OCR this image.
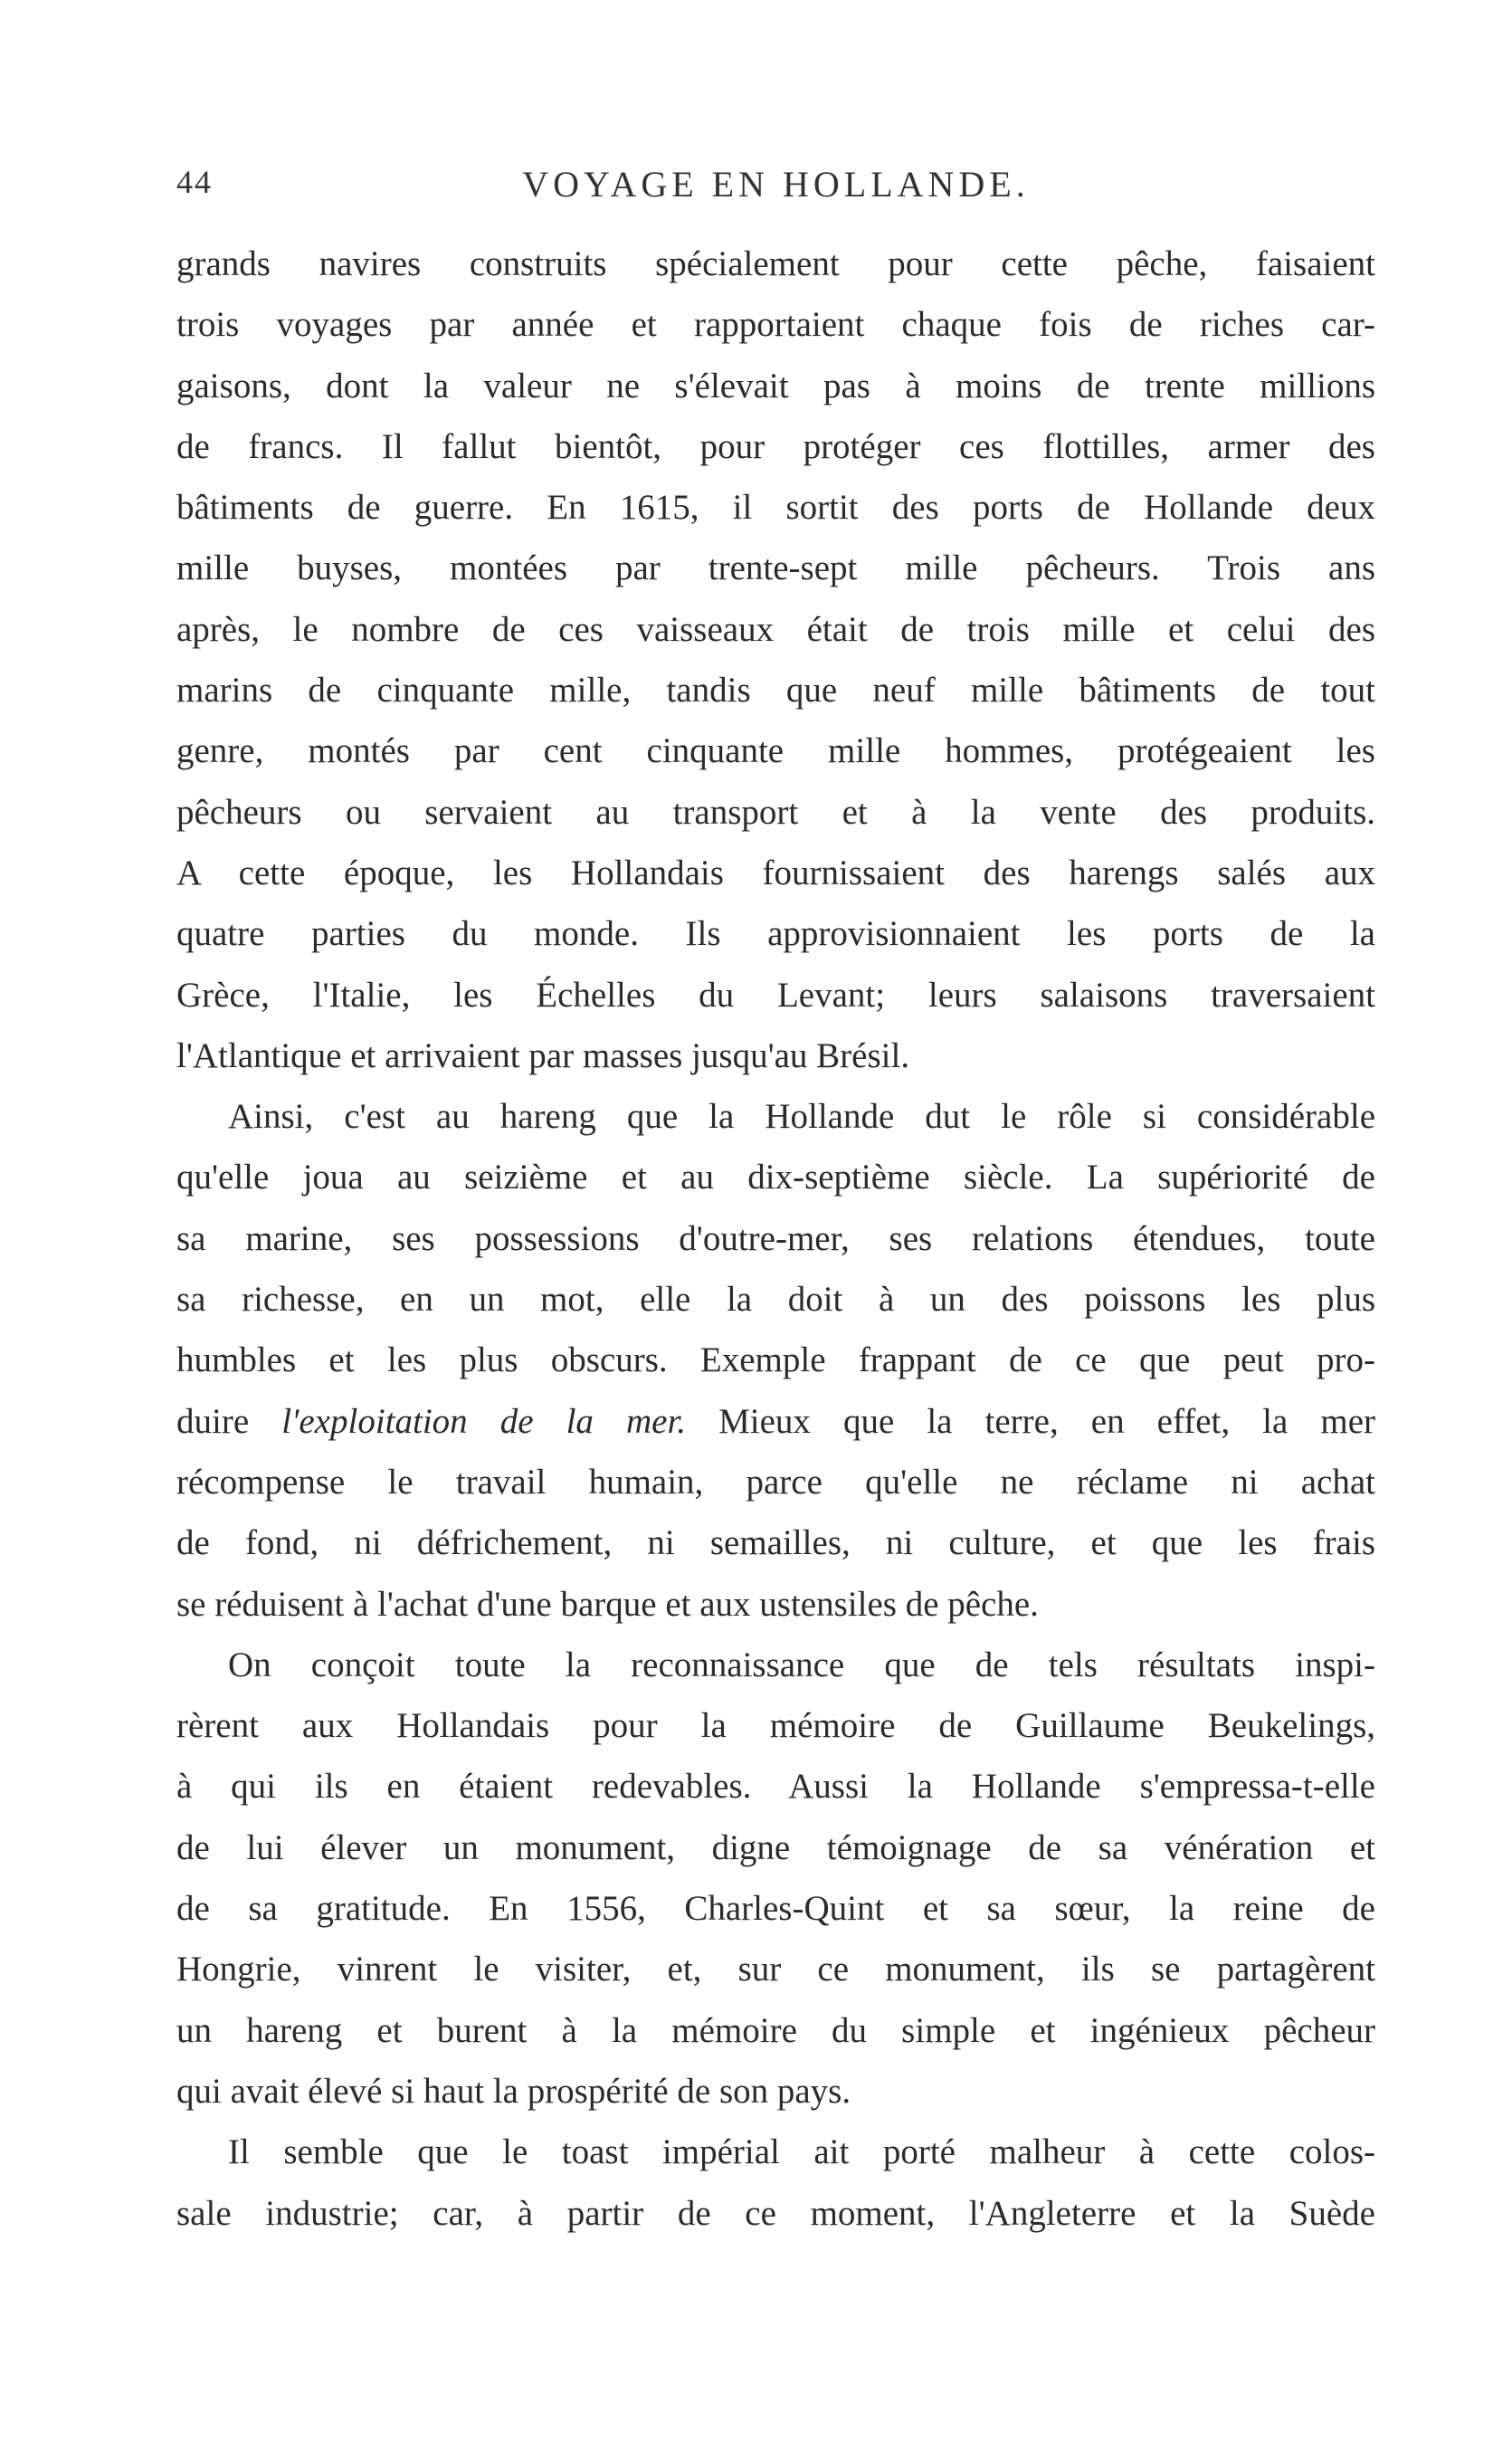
44	VOYAGE EN HOLLANDE.
grands navires construits spécialement pour cette pêche, faisaient
trois voyages par année et rapportaient chaque fois de riches car-
gaisons, dont la valeur ne s'élevait pas à moins de trente millions
de francs. Il fallut bientôt, pour protéger ces flottilles, armer des
bâtiments de guerre. En 1615, il sortit des ports de Hollande deux
mille buyses, montées par trente-sept mille pêcheurs. Trois ans
après, le nombre de ces vaisseaux était de trois mille et celui des
marins de cinquante mille, tandis que neuf mille bâtiments de tout
genre, montés par cent cinquante mille hommes, protégeaient les
pêcheurs ou servaient au transport et à la vente des produits.
A cette époque, les Hollandais fournissaient des harengs salés aux
quatre parties du monde. Ils approvisionnaient les ports de la
Grèce, l'Italie, les Échelles du Levant; leurs salaisons traversaient
l'Atlantique et arrivaient par masses jusqu'au Brésil.
Ainsi, c'est au hareng que la Hollande dut le rôle si considérable
qu'elle joua au seizième et au dix-septième siècle. La supériorité de
sa marine, ses possessions d'outre-mer, ses relations étendues, toute
sa richesse, en un mot, elle la doit à un des poissons les plus
humbles et les plus obscurs. Exemple frappant de ce que peut pro-
duire l'exploitation de la mer. Mieux que la terre, en effet, la mer
récompense le travail humain, parce qu'elle ne réclame ni achat
de fond, ni défrichement, ni semailles, ni culture, et que les frais
se réduisent à l'achat d'une barque et aux ustensiles de pêche.
On conçoit toute la reconnaissance que de tels résultats inspi-
rèrent aux Hollandais pour la mémoire de Guillaume Beukelings,
à qui ils en étaient redevables. Aussi la Hollande s'empressa-t-elle
de lui élever un monument, digne témoignage de sa vénération et
de sa gratitude. En 1556, Charles-Quint et sa sœur, la reine de
Hongrie, vinrent le visiter, et, sur ce monument, ils se partagèrent
un hareng et burent à la mémoire du simple et ingénieux pêcheur
qui avait élevé si haut la prospérité de son pays.
Il semble que le toast impérial ait porté malheur à cette colos-
sale industrie; car, à partir de ce moment, l'Angleterre et la Suède
